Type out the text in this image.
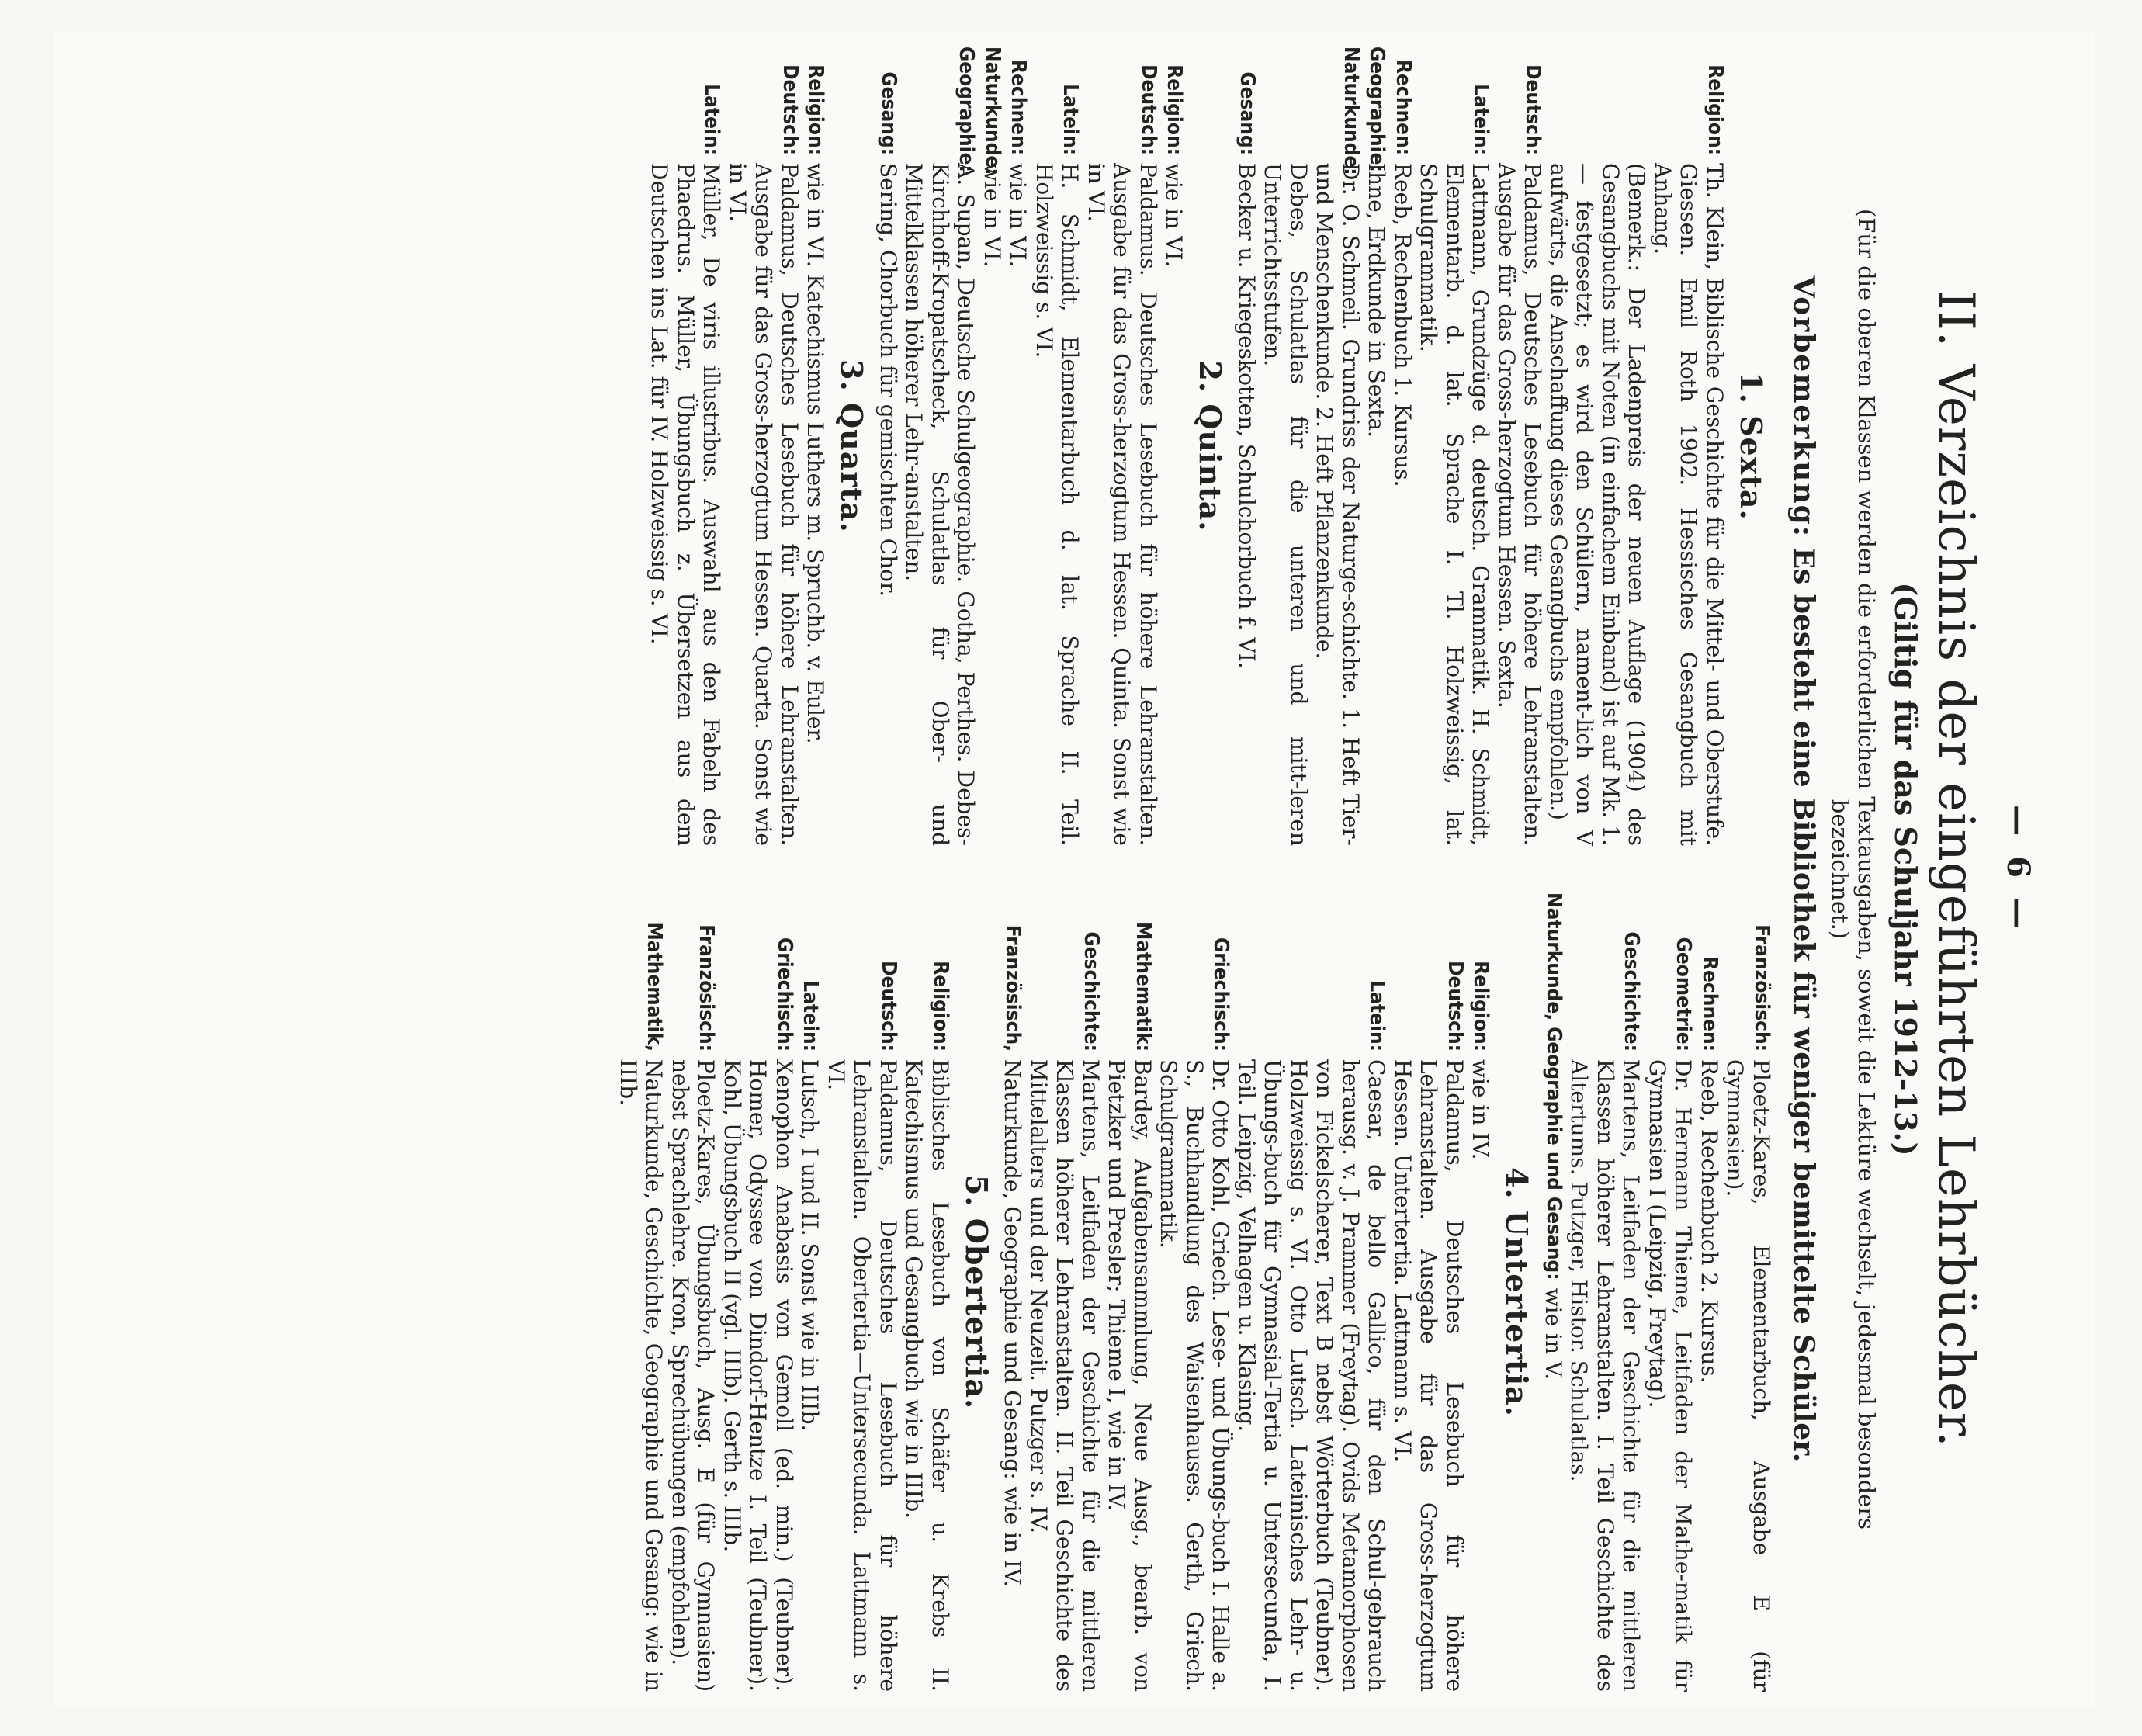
— 6 —
II. Verzeichnis der eingeführten Lehrbücher.
(Giltig für das Schuljahr 1912-13.)
(Für die oberen Klassen werden die erforderlichen Textausgaben, soweit die Lektüre wechselt, jedesmal besonders bezeichnet.)
Vorbemerkung: Es besteht eine Bibliothek für weniger bemittelte Schüler.
1. Sexta.
Religion:
Th. Klein, Biblische Geschichte für die Mittel- und Oberstufe. Giessen. Emil Roth 1902. Hessisches Gesangbuch mit Anhang.
(Bemerk.: Der Ladenpreis der neuen Auflage (1904) des Gesangbuchs mit Noten (in einfachem Einband) ist auf Mk. 1.— festgesetzt; es wird den Schülern, nament-lich von V aufwärts, die Anschaffung dieses Gesangbuchs empfohlen.)
Deutsch:
Paldamus, Deutsches Lesebuch für höhere Lehranstalten. Ausgabe für das Gross-herzogtum Hessen. Sexta.
Latein:
Lattmann, Grundzüge d. deutsch. Grammatik. H. Schmidt, Elementarb. d. lat. Sprache I. Tl. Holzweissig, lat. Schulgrammatik.
Rechnen:
Reeb, Rechenbuch 1. Kursus.
Geographie:
Ihne, Erdkunde in Sexta.
Naturkunde:
Dr. O. Schmeil. Grundriss der Naturge-schichte. 1. Heft Tier- und Menschenkunde. 2. Heft Pflanzenkunde.
Debes, Schulatlas für die unteren und mitt-leren Unterrichtsstufen.
Gesang:
Becker u. Kriegeskotten, Schulchorbuch f. VI.
2. Quinta.
Religion:
wie in VI.
Deutsch:
Paldamus. Deutsches Lesebuch für höhere Lehranstalten. Ausgabe für das Gross-herzogtum Hessen. Quinta. Sonst wie in VI.
Latein:
H. Schmidt, Elementarbuch d. lat. Sprache II. Teil. Holzweissig s. VI.
Rechnen:
wie in VI.
Naturkunde:
wie in VI.
Geographie:
A. Supan, Deutsche Schulgeographie. Gotha, Perthes. Debes-Kirchhoff-Kropatscheck, Schulatlas für Ober- und Mittelklassen höherer Lehr-anstalten.
Gesang:
Sering, Chorbuch für gemischten Chor.
3. Quarta.
Religion:
wie in VI. Katechismus Luthers m. Spruchb. v. Euler.
Deutsch:
Paldamus, Deutsches Lesebuch für höhere Lehranstalten. Ausgabe für das Gross-herzogtum Hessen. Quarta. Sonst wie in VI.
Latein:
Müller, De viris illustribus. Auswahl aus den Fabeln des Phaedrus. Müller, Übungsbuch z. Übersetzen aus dem Deutschen ins Lat. für IV. Holzweissig s. VI.
Französisch:
Ploetz-Kares, Elementarbuch, Ausgabe E (für Gymnasien).
Rechnen:
Reeb, Rechenbuch 2. Kursus.
Geometrie:
Dr. Hermann Thieme, Leitfaden der Mathe-matik für Gymnasien I (Leipzig, Freytag).
Geschichte:
Martens, Leitfaden der Geschichte für die mittleren Klassen höherer Lehranstalten. I. Teil Geschichte des Altertums. Putzger, Histor. Schulatlas.
Naturkunde, Geographie und Gesang:
wie in V.
4. Untertertia.
Religion:
wie in IV.
Deutsch:
Paldamus, Deutsches Lesebuch für höhere Lehranstalten. Ausgabe für das Gross-herzogtum Hessen. Untertertia. Lattmann s. VI.
Latein:
Caesar, de bello Gallico, für den Schul-gebrauch herausg. v. J. Prammer (Freytag). Ovids Metamorphosen von Fickelscherer, Text B nebst Wörterbuch (Teubner). Holzweissig s. VI. Otto Lutsch. Lateinisches Lehr- u. Übungs-buch für Gymnasial-Tertia u. Untersecunda, I. Teil. Leipzig, Velhagen u. Klasing.
Griechisch:
Dr. Otto Kohl, Griech. Lese- und Übungs-buch I. Halle a. S., Buchhandlung des Waisenhauses. Gerth, Griech. Schulgrammatik.
Mathematik:
Bardey, Aufgabensammlung, Neue Ausg., bearb. von Pietzker und Presler; Thieme I, wie in IV.
Geschichte:
Martens, Leitfaden der Geschichte für die mittleren Klassen höherer Lehranstalten. II. Teil Geschichte des Mittelalters und der Neuzeit. Putzger s. IV.
Französisch,
Naturkunde, Geographie und Gesang: wie in IV.
5. Obertertia.
Religion:
Biblisches Lesebuch von Schäfer u. Krebs II. Katechismus und Gesangbuch wie in IIIb.
Deutsch:
Paldamus, Deutsches Lesebuch für höhere Lehranstalten. Obertertia—Untersecunda. Lattmann s. VI.
Latein:
Lutsch, I und II. Sonst wie in IIIb.
Griechisch:
Xenophon Anabasis von Gemoll (ed. min.) (Teubner). Homer, Odyssee von Dindorf-Hentze I. Teil (Teubner). Kohl, Übungsbuch II (vgl. IIIb). Gerth s. IIIb.
Französisch:
Ploetz-Kares, Übungsbuch, Ausg. E (für Gymnasien) nebst Sprachlehre. Kron, Sprechübungen (empfohlen).
Mathematik,
Naturkunde, Geschichte, Geographie und Gesang: wie in IIIb.
